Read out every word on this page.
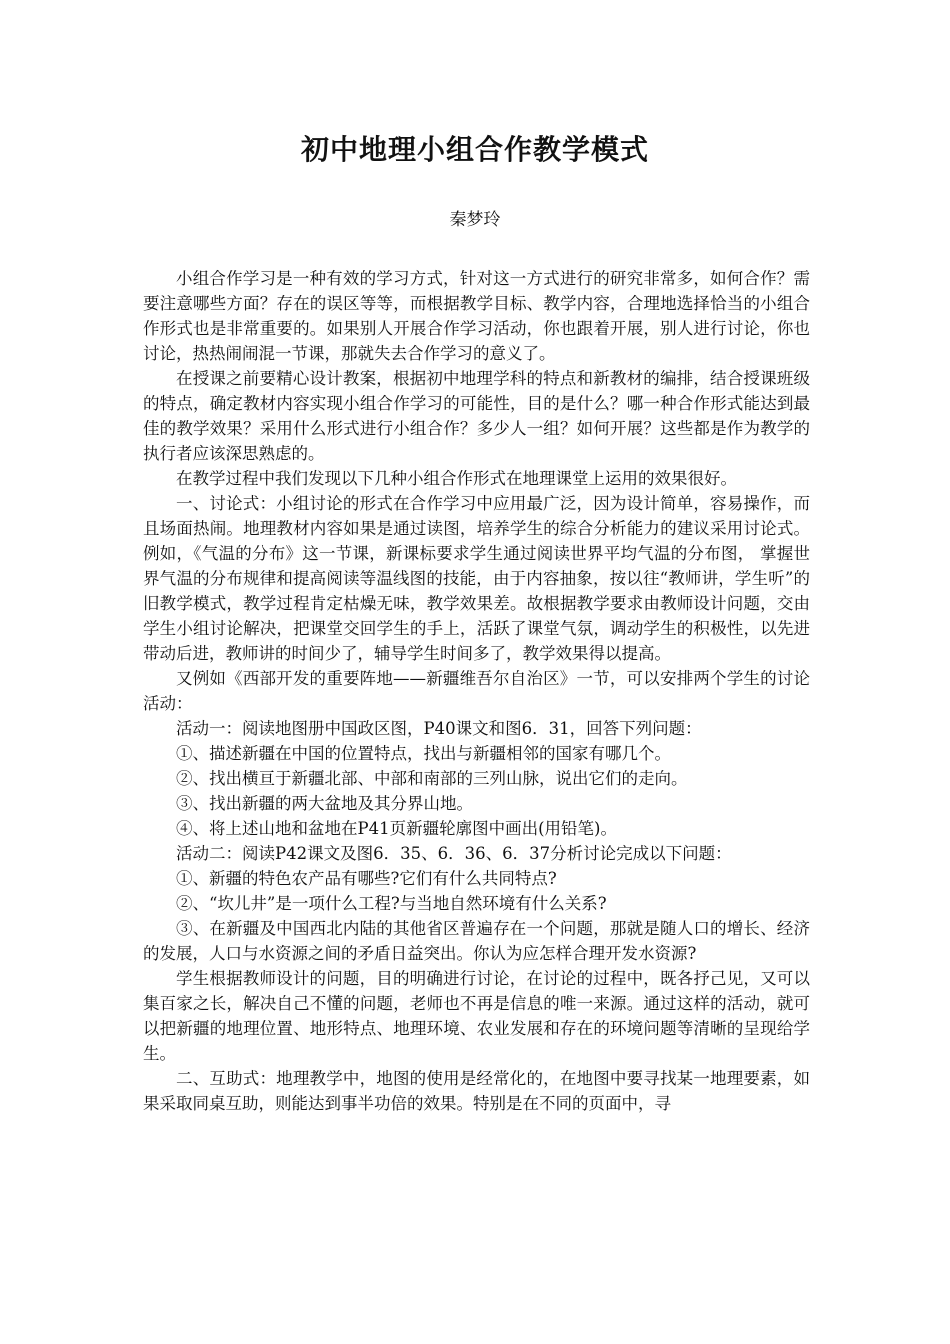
初中地理小组合作教学模式

秦梦玲

小组合作学习是一种有效的学习方式，针对这一方式进行的研究非常多，如何合作？需要注意哪些方面？存在的误区等等，而根据教学目标、教学内容，合理地选择恰当的小组合作形式也是非常重要的。如果别人开展合作学习活动，你也跟着开展，别人进行讨论，你也讨论，热热闹闹混一节课，那就失去合作学习的意义了。

在授课之前要精心设计教案，根据初中地理学科的特点和新教材的编排，结合授课班级的特点，确定教材内容实现小组合作学习的可能性，目的是什么？哪一种合作形式能达到最佳的教学效果？采用什么形式进行小组合作？多少人一组？如何开展？这些都是作为教学的执行者应该深思熟虑的。

在教学过程中我们发现以下几种小组合作形式在地理课堂上运用的效果很好。

一、讨论式：小组讨论的形式在合作学习中应用最广泛，因为设计简单，容易操作，而且场面热闹。地理教材内容如果是通过读图，培养学生的综合分析能力的建议采用讨论式。例如，《气温的分布》这一节课，新课标要求学生通过阅读世界平均气温的分布图， 掌握世界气温的分布规律和提高阅读等温线图的技能，由于内容抽象，按以往“教师讲，学生听”的旧教学模式，教学过程肯定枯燥无味，教学效果差。故根据教学要求由教师设计问题，交由学生小组讨论解决，把课堂交回学生的手上，活跃了课堂气氛，调动学生的积极性，以先进带动后进，教师讲的时间少了，辅导学生时间多了，教学效果得以提高。

又例如《西部开发的重要阵地——新疆维吾尔自治区》一节，可以安排两个学生的讨论活动：

活动一：阅读地图册中国政区图，P40课文和图6．31，回答下列问题：

①、描述新疆在中国的位置特点，找出与新疆相邻的国家有哪几个。

②、找出横亘于新疆北部、中部和南部的三列山脉，说出它们的走向。

③、找出新疆的两大盆地及其分界山地。

④、将上述山地和盆地在P41页新疆轮廓图中画出(用铅笔)。

活动二：阅读P42课文及图6．35、6．36、6．37分析讨论完成以下问题：

①、新疆的特色农产品有哪些?它们有什么共同特点?

②、“坎儿井”是一项什么工程?与当地自然环境有什么关系?

③、在新疆及中国西北内陆的其他省区普遍存在一个问题，那就是随人口的增长、经济的发展，人口与水资源之间的矛盾日益突出。你认为应怎样合理开发水资源?

学生根据教师设计的问题，目的明确进行讨论，在讨论的过程中，既各抒己见，又可以集百家之长，解决自己不懂的问题，老师也不再是信息的唯一来源。通过这样的活动，就可以把新疆的地理位置、地形特点、地理环境、农业发展和存在的环境问题等清晰的呈现给学生。

二、互助式：地理教学中，地图的使用是经常化的，在地图中要寻找某一地理要素，如果采取同桌互助，则能达到事半功倍的效果。特别是在不同的页面中，寻
